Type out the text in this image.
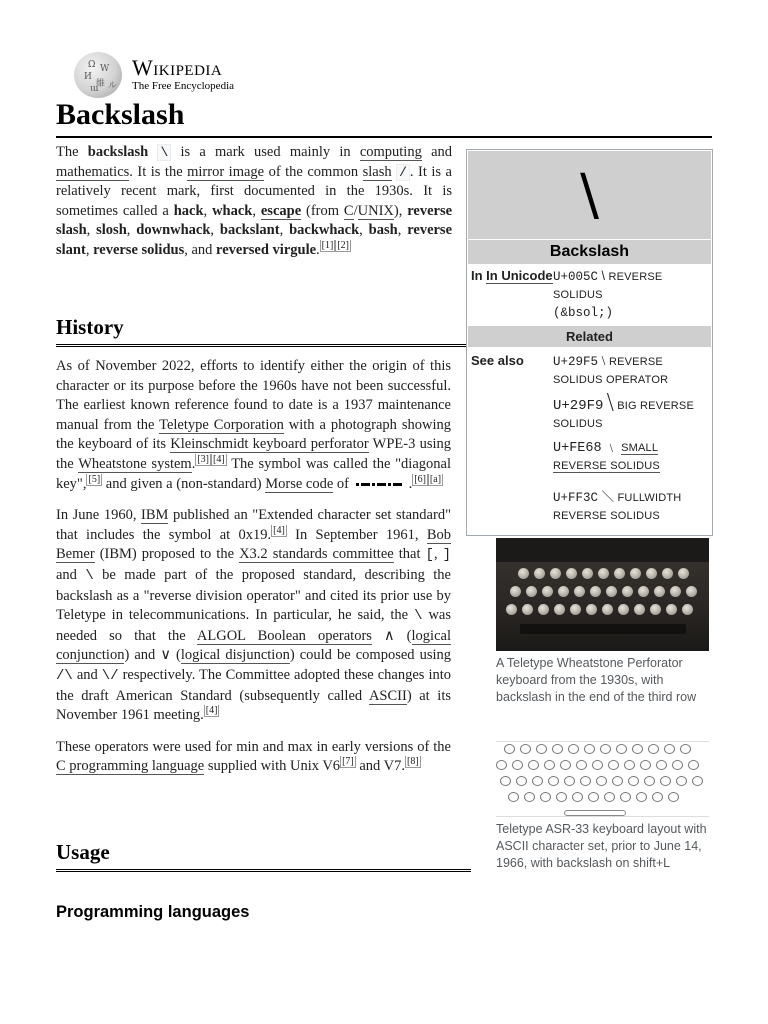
Ω W
И
維 ル
ա
Wikipedia
The Free Encyclopedia
Backslash

The backslash \ is a mark used mainly in computing and mathematics. It is the mirror image of the common slash / . It is a relatively recent mark, first documented in the 1930s. It is sometimes called a hack, whack, escape (from C/UNIX), reverse slash, slosh, downwhack, backslant, backwhack, bash, reverse slant, reverse solidus, and reversed virgule. [1] [2]

History

As of November 2022, efforts to identify either the origin of this character or its purpose before the 1960s have not been successful. The earliest known reference found to date is a 1937 maintenance manual from the Teletype Corporation with a photograph showing the keyboard of its Kleinschmidt keyboard perforator WPE-3 using the Wheatstone system. [3] [4] The symbol was called the "diagonal key", [5] and given a (non-standard) Morse code of	. [6] [a]

In June 1960, IBM published an "Extended character set standard" that includes the symbol at 0x19. [4] In September 1961, Bob Bemer (IBM) proposed to the X3.2 standards committee that [, ] and \ be made part of the proposed standard, describing the backslash as a "reverse division operator" and cited its prior use by Teletype in telecommunications. In particular, he said, the \ was needed so that the ALGOL Boolean operators ∧ (logical conjunction) and ∨ (logical disjunction) could be composed using /\ and \/ respectively. The Committee adopted these changes into the draft American Standard (subsequently called ASCII) at its November 1961 meeting. [4]

These operators were used for min and max in early versions of the C programming language supplied with Unix V6 [7] and V7. [8]

Usage
Programming languages
\
Backslash
In In Unicode U+005C \ REVERSE SOLIDUS
(&bsol;)
Related
See also	U+29F5 ⧵ REVERSE SOLIDUS OPERATOR
U+29F9 ⧹ BIG REVERSE SOLIDUS
U+FE68 ﹨ SMALL REVERSE SOLIDUS
U+FF3C ＼ FULLWIDTH REVERSE SOLIDUS
A Teletype Wheatstone Perforator keyboard from the 1930s, with backslash in the end of the third row
Teletype ASR-33 keyboard layout with ASCII character set, prior to June 14, 1966, with backslash on shift+L
